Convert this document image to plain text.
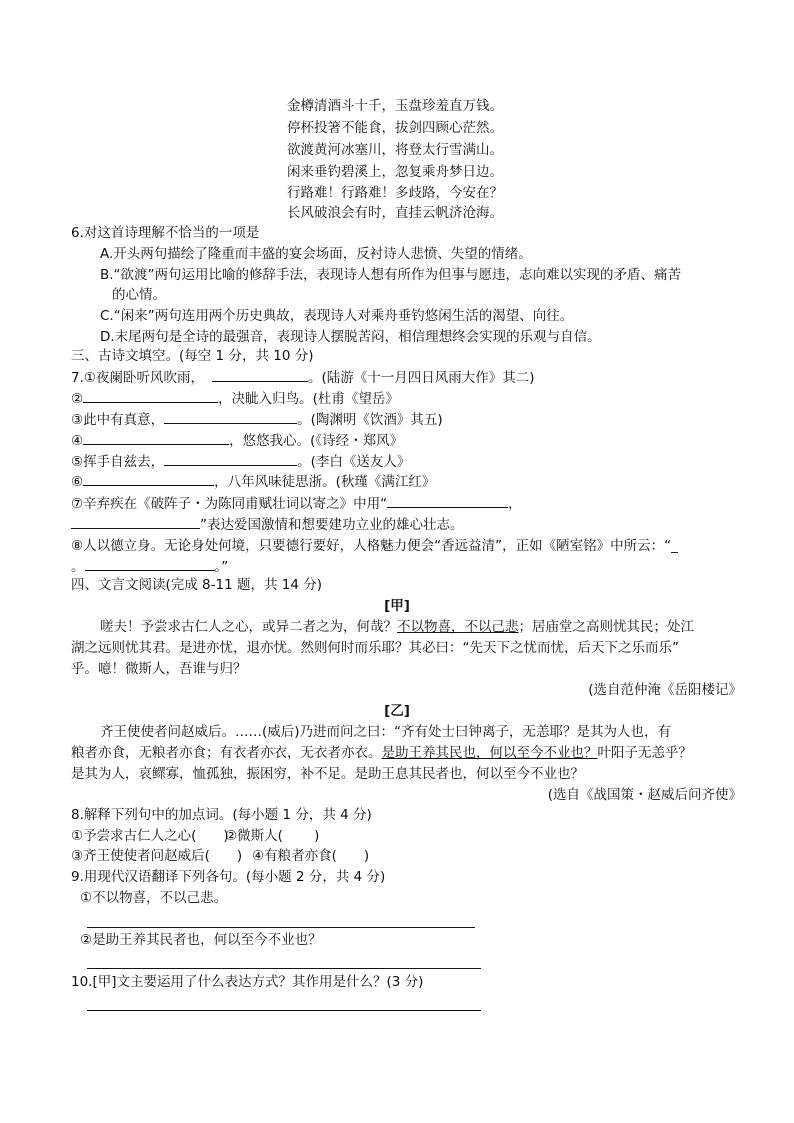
金樽清酒斗十千，玉盘珍羞直万钱。
停杯投箸不能食，拔剑四顾心茫然。
欲渡黄河冰塞川，将登太行雪满山。
闲来垂钓碧溪上，忽复乘舟梦日边。
行路难！行路难！多歧路，今安在？
长风破浪会有时，直挂云帆济沧海。
6.对这首诗理解不恰当的一项是
A.开头两句描绘了隆重而丰盛的宴会场面，反衬诗人悲愤、失望的情绪。
B.“欲渡”两句运用比喻的修辞手法，表现诗人想有所作为但事与愿违，志向难以实现的矛盾、痛苦
的心情。
C.“闲来”两句连用两个历史典故，表现诗人对乘舟垂钓悠闲生活的渴望、向往。
D.末尾两句是全诗的最强音，表现诗人摆脱苦闷，相信理想终会实现的乐观与自信。
三、古诗文填空。(每空 1 分，共 10 分)
7.①夜阑卧听风吹雨，	。(陆游《十一月四日风雨大作》其二)
②	，决眦入归鸟。(杜甫《望岳》
③此中有真意，	。(陶渊明《饮酒》其五)
④	，悠悠我心。(《诗经・郑风》
⑤挥手自兹去，	。(李白《送友人》
⑥	，八年风味徒思浙。(秋瑾《满江红》
⑦辛弃疾在《破阵子・为陈同甫赋壮词以寄之》中用“	，
”表达爱国激情和想要建功立业的雄心壮志。
⑧人以德立身。无论身处何境，只要德行要好，人格魅力便会“香远益清”，正如《陋室铭》中所云：“_
。	。”
四、文言文阅读(完成 8-11 题，共 14 分)
[甲]
嗟夫！予尝求古仁人之心，或异二者之为，何哉？不以物喜，不以己悲；居庙堂之高则忧其民；处江
湖之远则忧其君。是进亦忧，退亦忧。然则何时而乐耶？其必曰：“先天下之忧而忧，后天下之乐而乐”
乎。噫！微斯人，吾谁与归？
(选自范仲淹《岳阳楼记》
[乙]
齐王使使者问赵威后。……(威后)乃进而问之曰：“齐有处士曰钟离子，无恙耶？是其为人也，有
粮者亦食，无粮者亦食；有衣者亦衣，无衣者亦衣。是助王养其民也，何以至今不业也？叶阳子无恙乎？
是其为人，哀鳏寡，恤孤独，振困穷，补不足。是助王息其民者也，何以至今不业也？
(选自《战国策・赵威后问齐使》
8.解释下列句中的加点词。(每小题 1 分，共 4 分)
①予尝求古仁人之心(　　)
②微斯人(　　 )
③齐王使使者问赵威后(　　) ④有粮者亦食(　　)
9.用现代汉语翻译下列各句。(每小题 2 分，共 4 分)
①不以物喜，不以己悲。
②是助王养其民者也，何以至今不业也？
10.[甲]文主要运用了什么表达方式？其作用是什么？(3 分)
